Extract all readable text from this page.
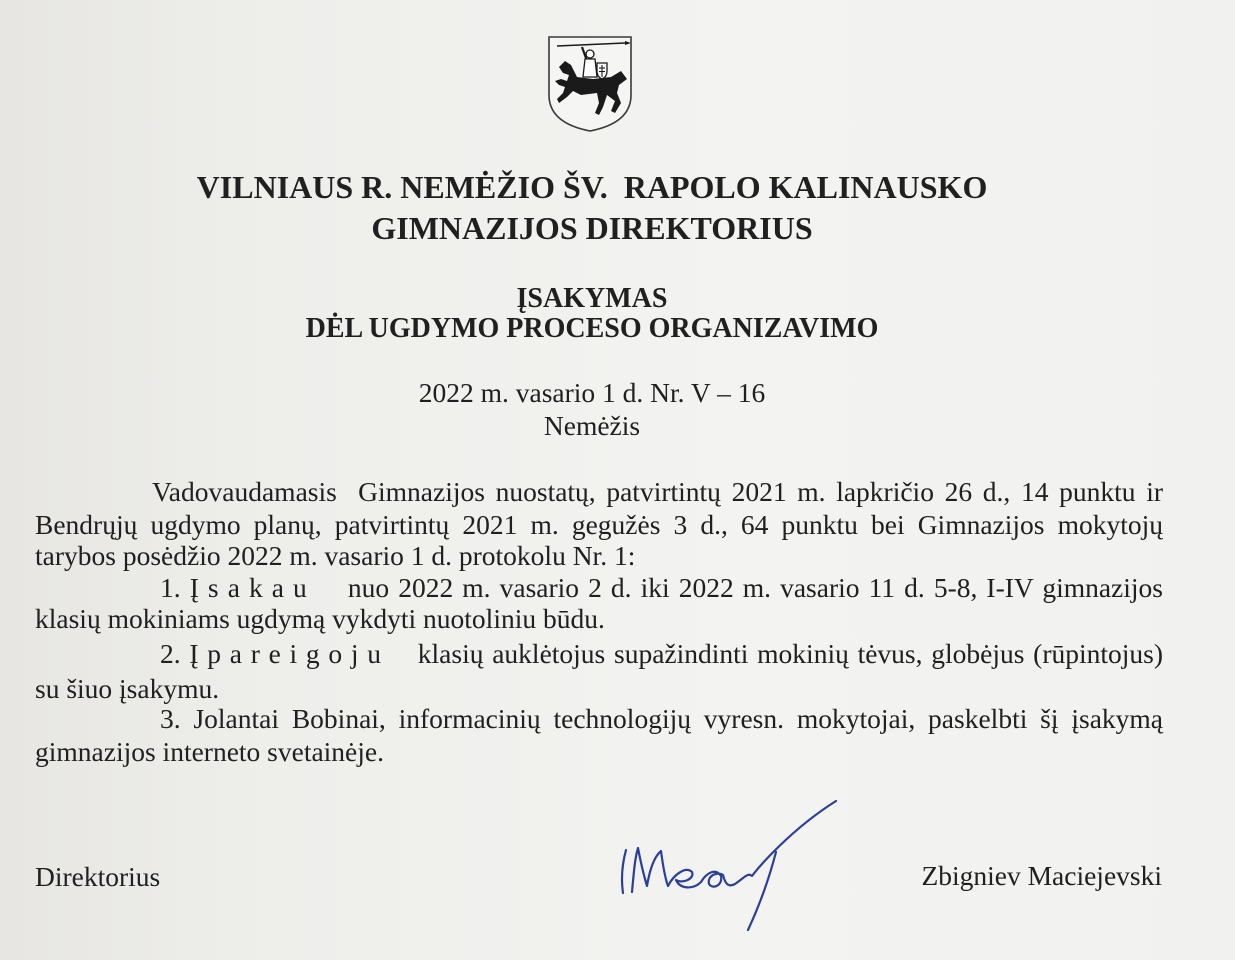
VILNIAUS R. NEMĖŽIO ŠV.  RAPOLO KALINAUSKO
GIMNAZIJOS DIREKTORIUS
ĮSAKYMAS
DĖL UGDYMO PROCESO ORGANIZAVIMO
2022 m. vasario 1 d. Nr. V – 16
Nemėžis
Vadovaudamasis  Gimnazijos nuostatų, patvirtintų 2021 m. lapkričio 26 d., 14 punktu ir
Bendrųjų ugdymo planų, patvirtintų 2021 m. gegužės 3 d., 64 punktu bei Gimnazijos mokytojų
tarybos posėdžio 2022 m. vasario 1 d. protokolu Nr. 1:
1. Į s a k a u nuo 2022 m. vasario 2 d. iki 2022 m. vasario 11 d. 5-8, I-IV gimnazijos
klasių mokiniams ugdymą vykdyti nuotoliniu būdu.
2. Į p a r e i g o j u klasių auklėtojus supažindinti mokinių tėvus, globėjus (rūpintojus)
su šiuo įsakymu.
3. Jolantai Bobinai, informacinių technologijų vyresn. mokytojai, paskelbti šį įsakymą
gimnazijos interneto svetainėje.
Direktorius	Zbigniev Maciejevski
